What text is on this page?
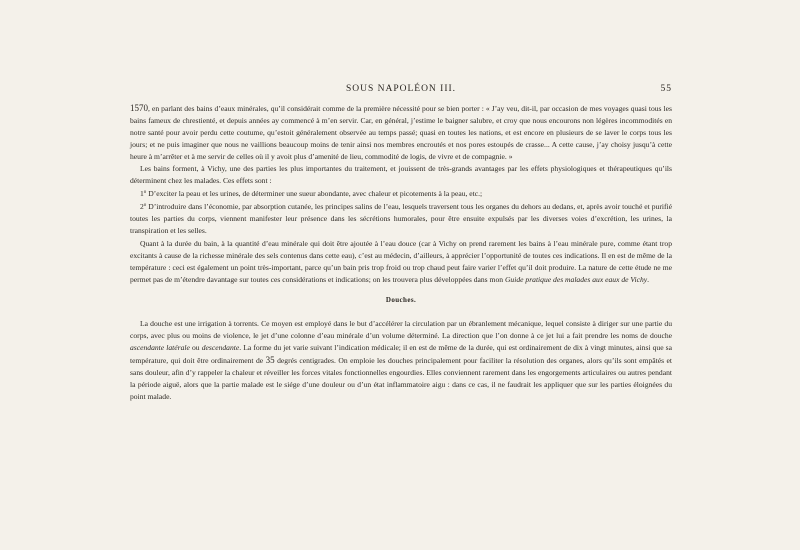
SOUS NAPOLÉON III.	55

1570, en parlant des bains d’eaux minérales, qu’il considérait comme de la première nécessité pour se bien porter : « J’ay veu, dit-il, par occasion de mes voyages quasi tous les bains fameux de chrestienté, et depuis années ay commencé à m’en servir. Car, en général, j’estime le baigner salubre, et croy que nous encourons non légères incommodités en notre santé pour avoir perdu cette coutume, qu’estoit généralement observée au temps passé; quasi en toutes les nations, et est encore en plusieurs de se laver le corps tous les jours; et ne puis imaginer que nous ne vaillions beaucoup moins de tenir ainsi nos membres encroutés et nos pores estoupés de crasse... A cette cause, j’ay choisy jusqu’à cette heure à m’arrêter et à me servir de celles où il y avoit plus d’amenité de lieu, commodité de logis, de vivre et de compagnie. »

Les bains forment, à Vichy, une des parties les plus importantes du traitement, et jouissent de très-grands avantages par les effets physiologiques et thérapeutiques qu’ils déterminent chez les malades. Ces effets sont :

1$^o$ D’exciter la peau et les urines, de déterminer une sueur abondante, avec chaleur et picotements à la peau, etc.;

2$^o$ D’introduire dans l’économie, par absorption cutanée, les principes salins de l’eau, lesquels traversent tous les organes du dehors au dedans, et, après avoir touché et purifié toutes les parties du corps, viennent manifester leur présence dans les sécrétions humorales, pour être ensuite expulsés par les diverses voies d’excrétion, les urines, la transpiration et les selles.

Quant à la durée du bain, à la quantité d’eau minérale qui doit être ajoutée à l’eau douce (car à Vichy on prend rarement les bains à l’eau minérale pure, comme étant trop excitants à cause de la richesse minérale des sels contenus dans cette eau), c’est au médecin, d’ailleurs, à apprécier l’opportunité de toutes ces indications. Il en est de même de la température : ceci est également un point très-important, parce qu’un bain pris trop froid ou trop chaud peut faire varier l’effet qu’il doit produire. La nature de cette étude ne me permet pas de m’étendre davantage sur toutes ces considérations et indications; on les trouvera plus développées dans mon Guide pratique des malades aux eaux de Vichy.

Douches.

La douche est une irrigation à torrents. Ce moyen est employé dans le but d’accélérer la circulation par un ébranlement mécanique, lequel consiste à diriger sur une partie du corps, avec plus ou moins de violence, le jet d’une colonne d’eau minérale d’un volume déterminé. La direction que l’on donne à ce jet lui a fait prendre les noms de douche ascendante latérale ou descendante. La forme du jet varie suivant l’indication médicale; il en est de même de la durée, qui est ordinairement de dix à vingt minutes, ainsi que sa température, qui doit être ordinairement de 35 degrés centigrades. On emploie les douches principalement pour faciliter la résolution des organes, alors qu’ils sont empâtés et sans douleur, afin d’y rappeler la chaleur et réveiller les forces vitales fonctionnelles engourdies. Elles conviennent rarement dans les engorgements articulaires ou autres pendant la période aiguë, alors que la partie malade est le siége d’une douleur ou d’un état inflammatoire aigu : dans ce cas, il ne faudrait les appliquer que sur les parties éloignées du point malade.
